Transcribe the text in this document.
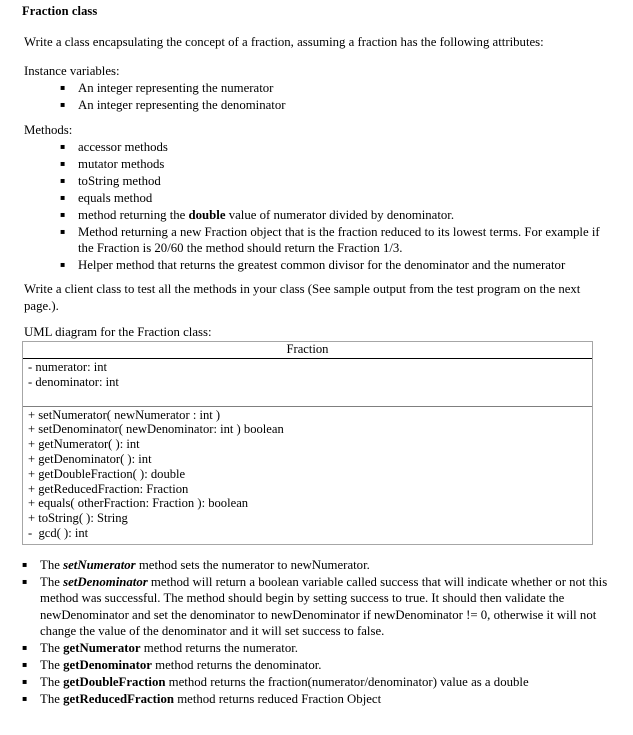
Fraction class
Write a class encapsulating the concept of a fraction, assuming a fraction has the following attributes:
Instance variables:
▪ An integer representing the numerator
▪ An integer representing the denominator
Methods:
▪ accessor methods
▪ mutator methods
▪ toString method
▪ equals method
▪ method returning the double value of numerator divided by denominator.
▪ Method returning a new Fraction object that is the fraction reduced to its lowest terms. For example if the Fraction is 20/60 the method should return the Fraction 1/3.
▪ Helper method that returns the greatest common divisor for the denominator and the numerator
Write a client class to test all the methods in your class (See sample output from the test program on the next page.).
UML diagram for the Fraction class:
Fraction
- numerator: int
- denominator: int
+ setNumerator( newNumerator : int )
+ setDenominator( newDenominator: int ) boolean
+ getNumerator( ): int
+ getDenominator( ): int
+ getDoubleFraction( ): double
+ getReducedFraction: Fraction
+ equals( otherFraction: Fraction ): boolean
+ toString( ): String
-  gcd( ): int
▪ The setNumerator method sets the numerator to newNumerator.
▪ The setDenominator method will return a boolean variable called success that will indicate whether or not this method was successful. The method should begin by setting success to true. It should then validate the newDenominator and set the denominator to newDenominator if newDenominator != 0, otherwise it will not change the value of the denominator and it will set success to false.
▪ The getNumerator method returns the numerator.
▪ The getDenominator method returns the denominator.
▪ The getDoubleFraction method returns the fraction(numerator/denominator) value as a double
▪ The getReducedFraction method returns reduced Fraction Object
